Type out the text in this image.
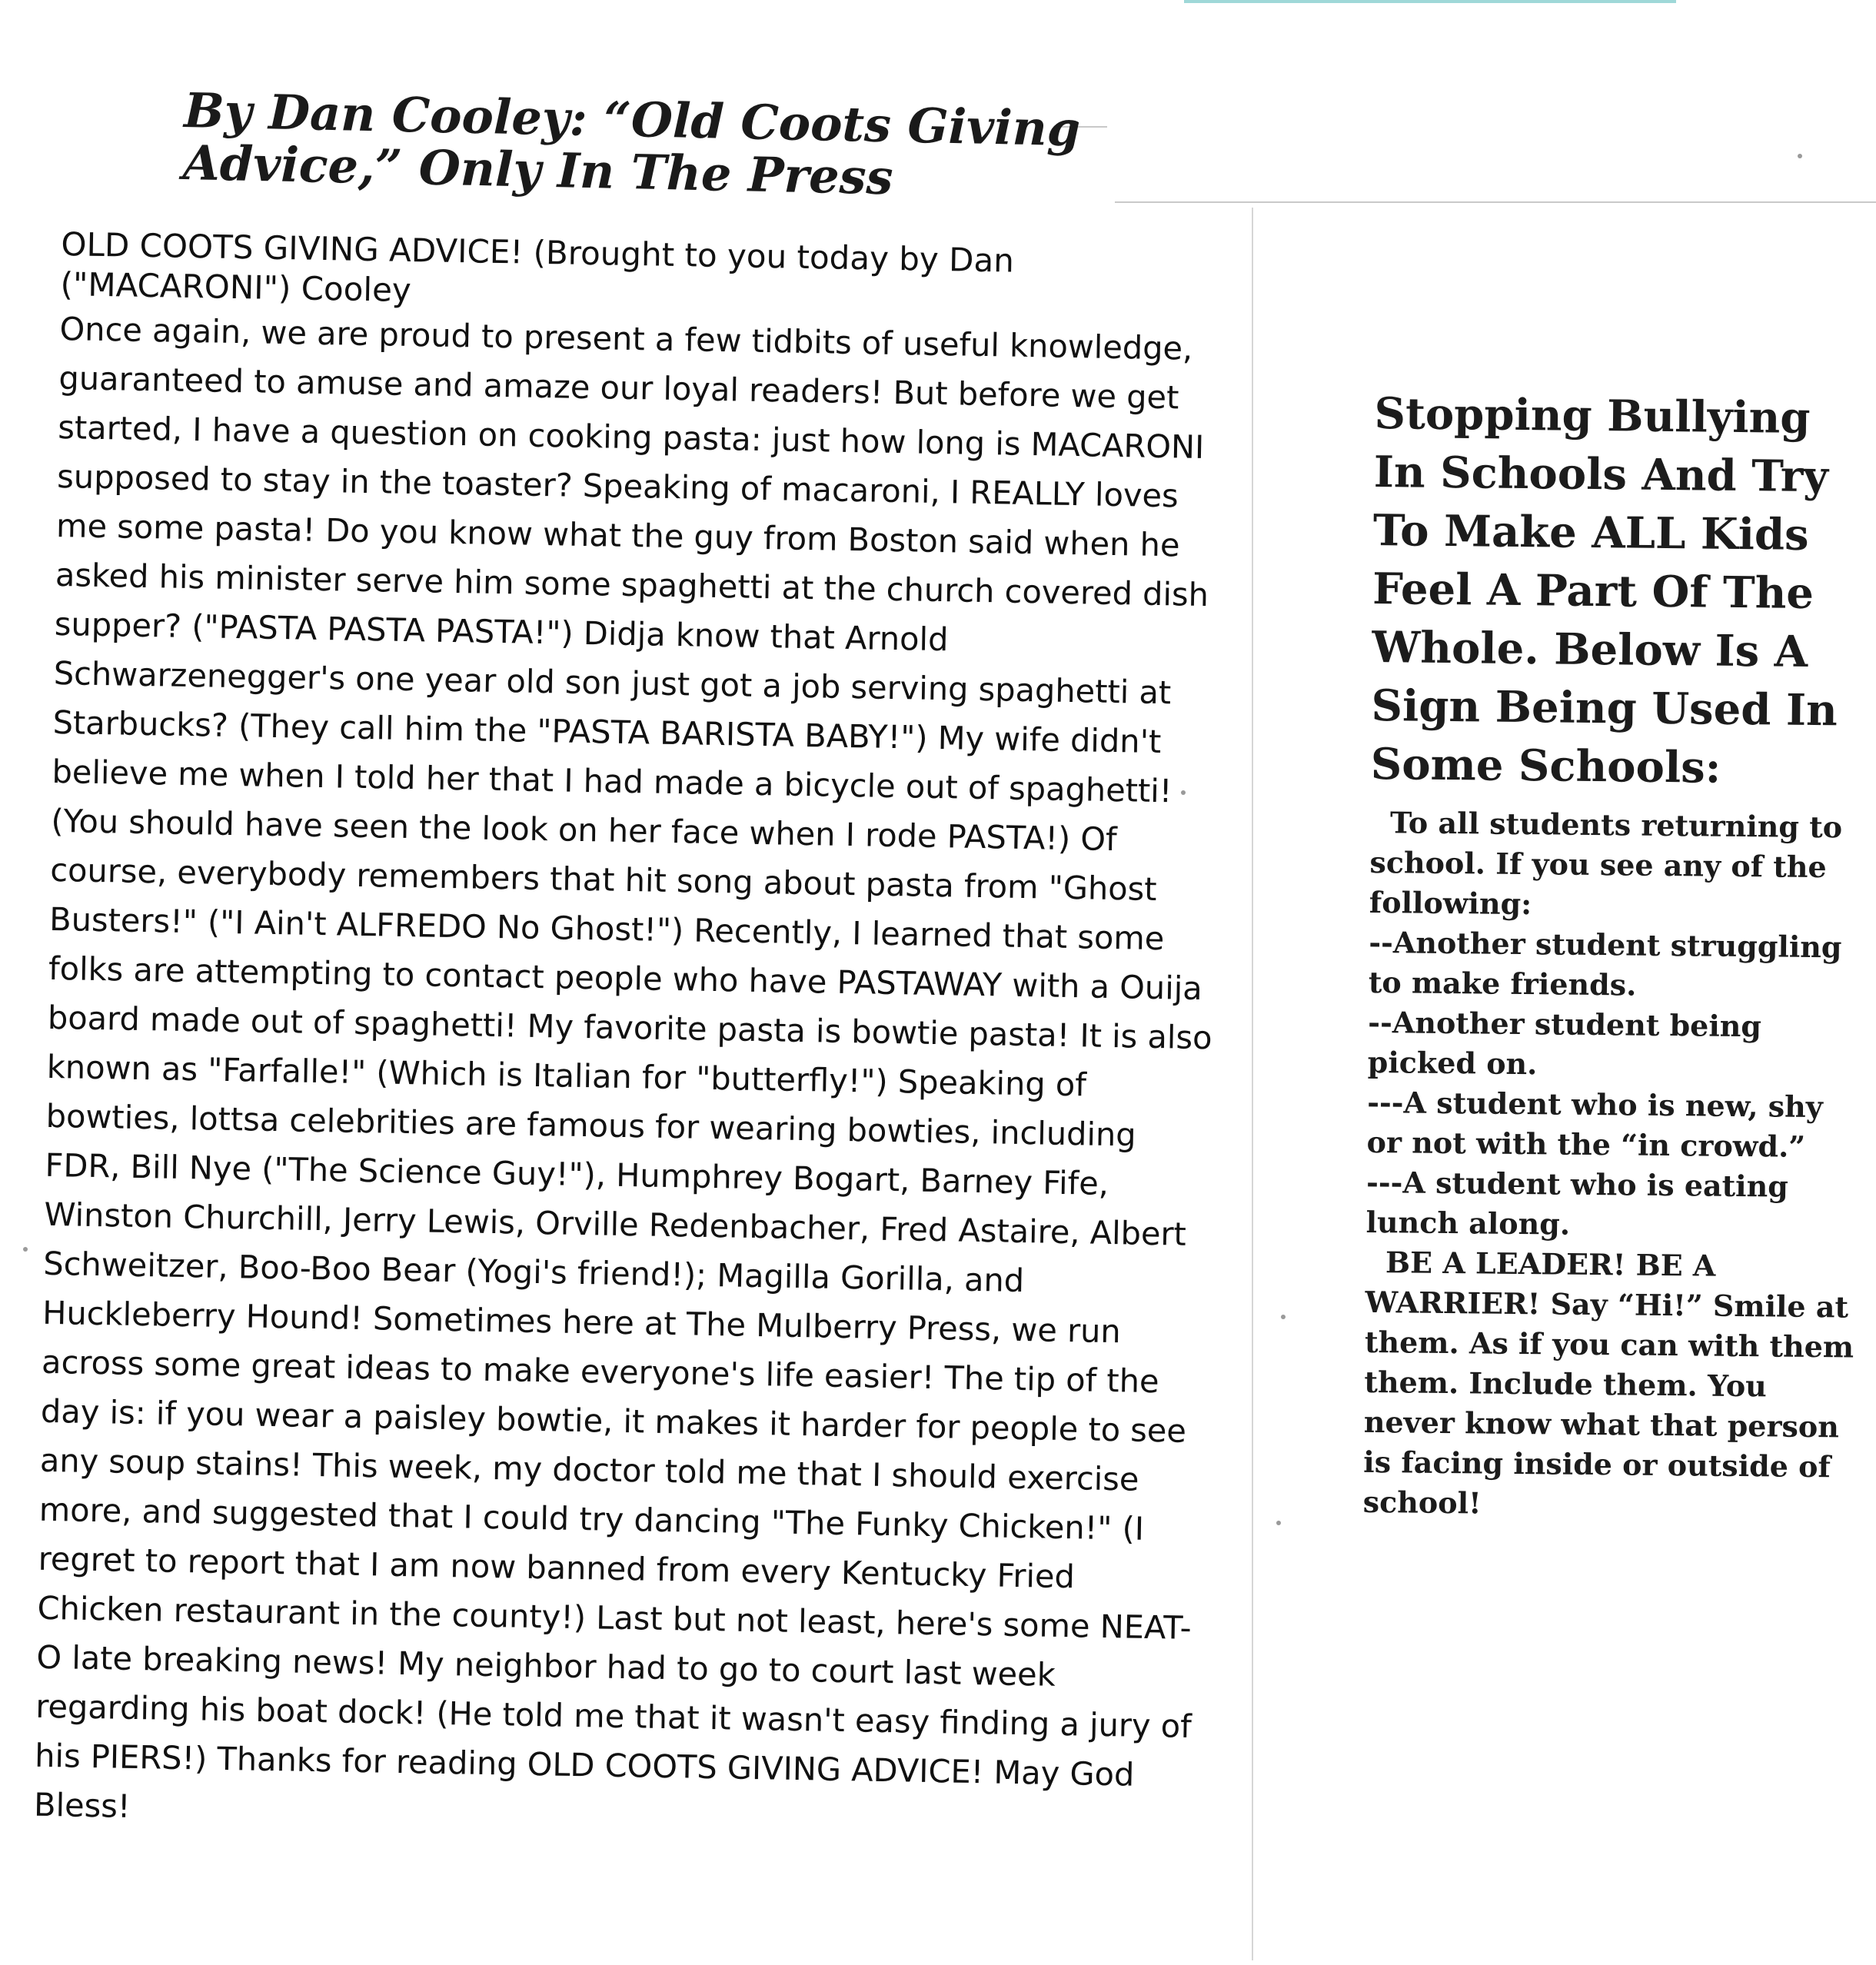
By Dan Cooley: “Old Coots Giving Advice,” Only In The Press

OLD COOTS GIVING ADVICE! (Brought to you today by Dan ("MACARONI") Cooley

Once again, we are proud to present a few tidbits of useful knowledge, guaranteed to amuse and amaze our loyal readers! But before we get started, I have a question on cooking pasta: just how long is MACARONI supposed to stay in the toaster? Speaking of macaroni, I REALLY loves me some pasta! Do you know what the guy from Boston said when he asked his minister serve him some spaghetti at the church covered dish supper? ("PASTA PASTA PASTA!") Didja know that Arnold Schwarzenegger's one year old son just got a job serving spaghetti at Starbucks? (They call him the "PASTA BARISTA BABY!") My wife didn't believe me when I told her that I had made a bicycle out of spaghetti! (You should have seen the look on her face when I rode PASTA!) Of course, everybody remembers that hit song about pasta from "Ghost Busters!" ("I Ain't ALFREDO No Ghost!") Recently, I learned that some folks are attempting to contact people who have PASTAWAY with a Ouija board made out of spaghetti! My favorite pasta is bowtie pasta! It is also known as "Farfalle!" (Which is Italian for "butterfly!") Speaking of bowties, lottsa celebrities are famous for wearing bowties, including FDR, Bill Nye ("The Science Guy!"), Humphrey Bogart, Barney Fife, Winston Churchill, Jerry Lewis, Orville Redenbacher, Fred Astaire, Albert Schweitzer, Boo-Boo Bear (Yogi's friend!); Magilla Gorilla, and Huckleberry Hound! Sometimes here at The Mulberry Press, we run across some great ideas to make everyone's life easier! The tip of the day is: if you wear a paisley bowtie, it makes it harder for people to see any soup stains! This week, my doctor told me that I should exercise more, and suggested that I could try dancing "The Funky Chicken!" (I regret to report that I am now banned from every Kentucky Fried Chicken restaurant in the county!) Last but not least, here's some NEAT-O late breaking news! My neighbor had to go to court last week regarding his boat dock! (He told me that it wasn't easy finding a jury of his PIERS!) Thanks for reading OLD COOTS GIVING ADVICE! May God Bless!

Stopping Bullying In Schools And Try To Make ALL Kids Feel A Part Of The Whole. Below Is A Sign Being Used In Some Schools:

To all students returning to school. If you see any of the following:

--Another student struggling to make friends.

--Another student being picked on.

---A student who is new, shy or not with the “in crowd.”

---A student who is eating lunch along.

BE A LEADER! BE A WARRIER! Say “Hi!” Smile at them. As if you can with them them. Include them. You never know what that person is facing inside or outside of school!
